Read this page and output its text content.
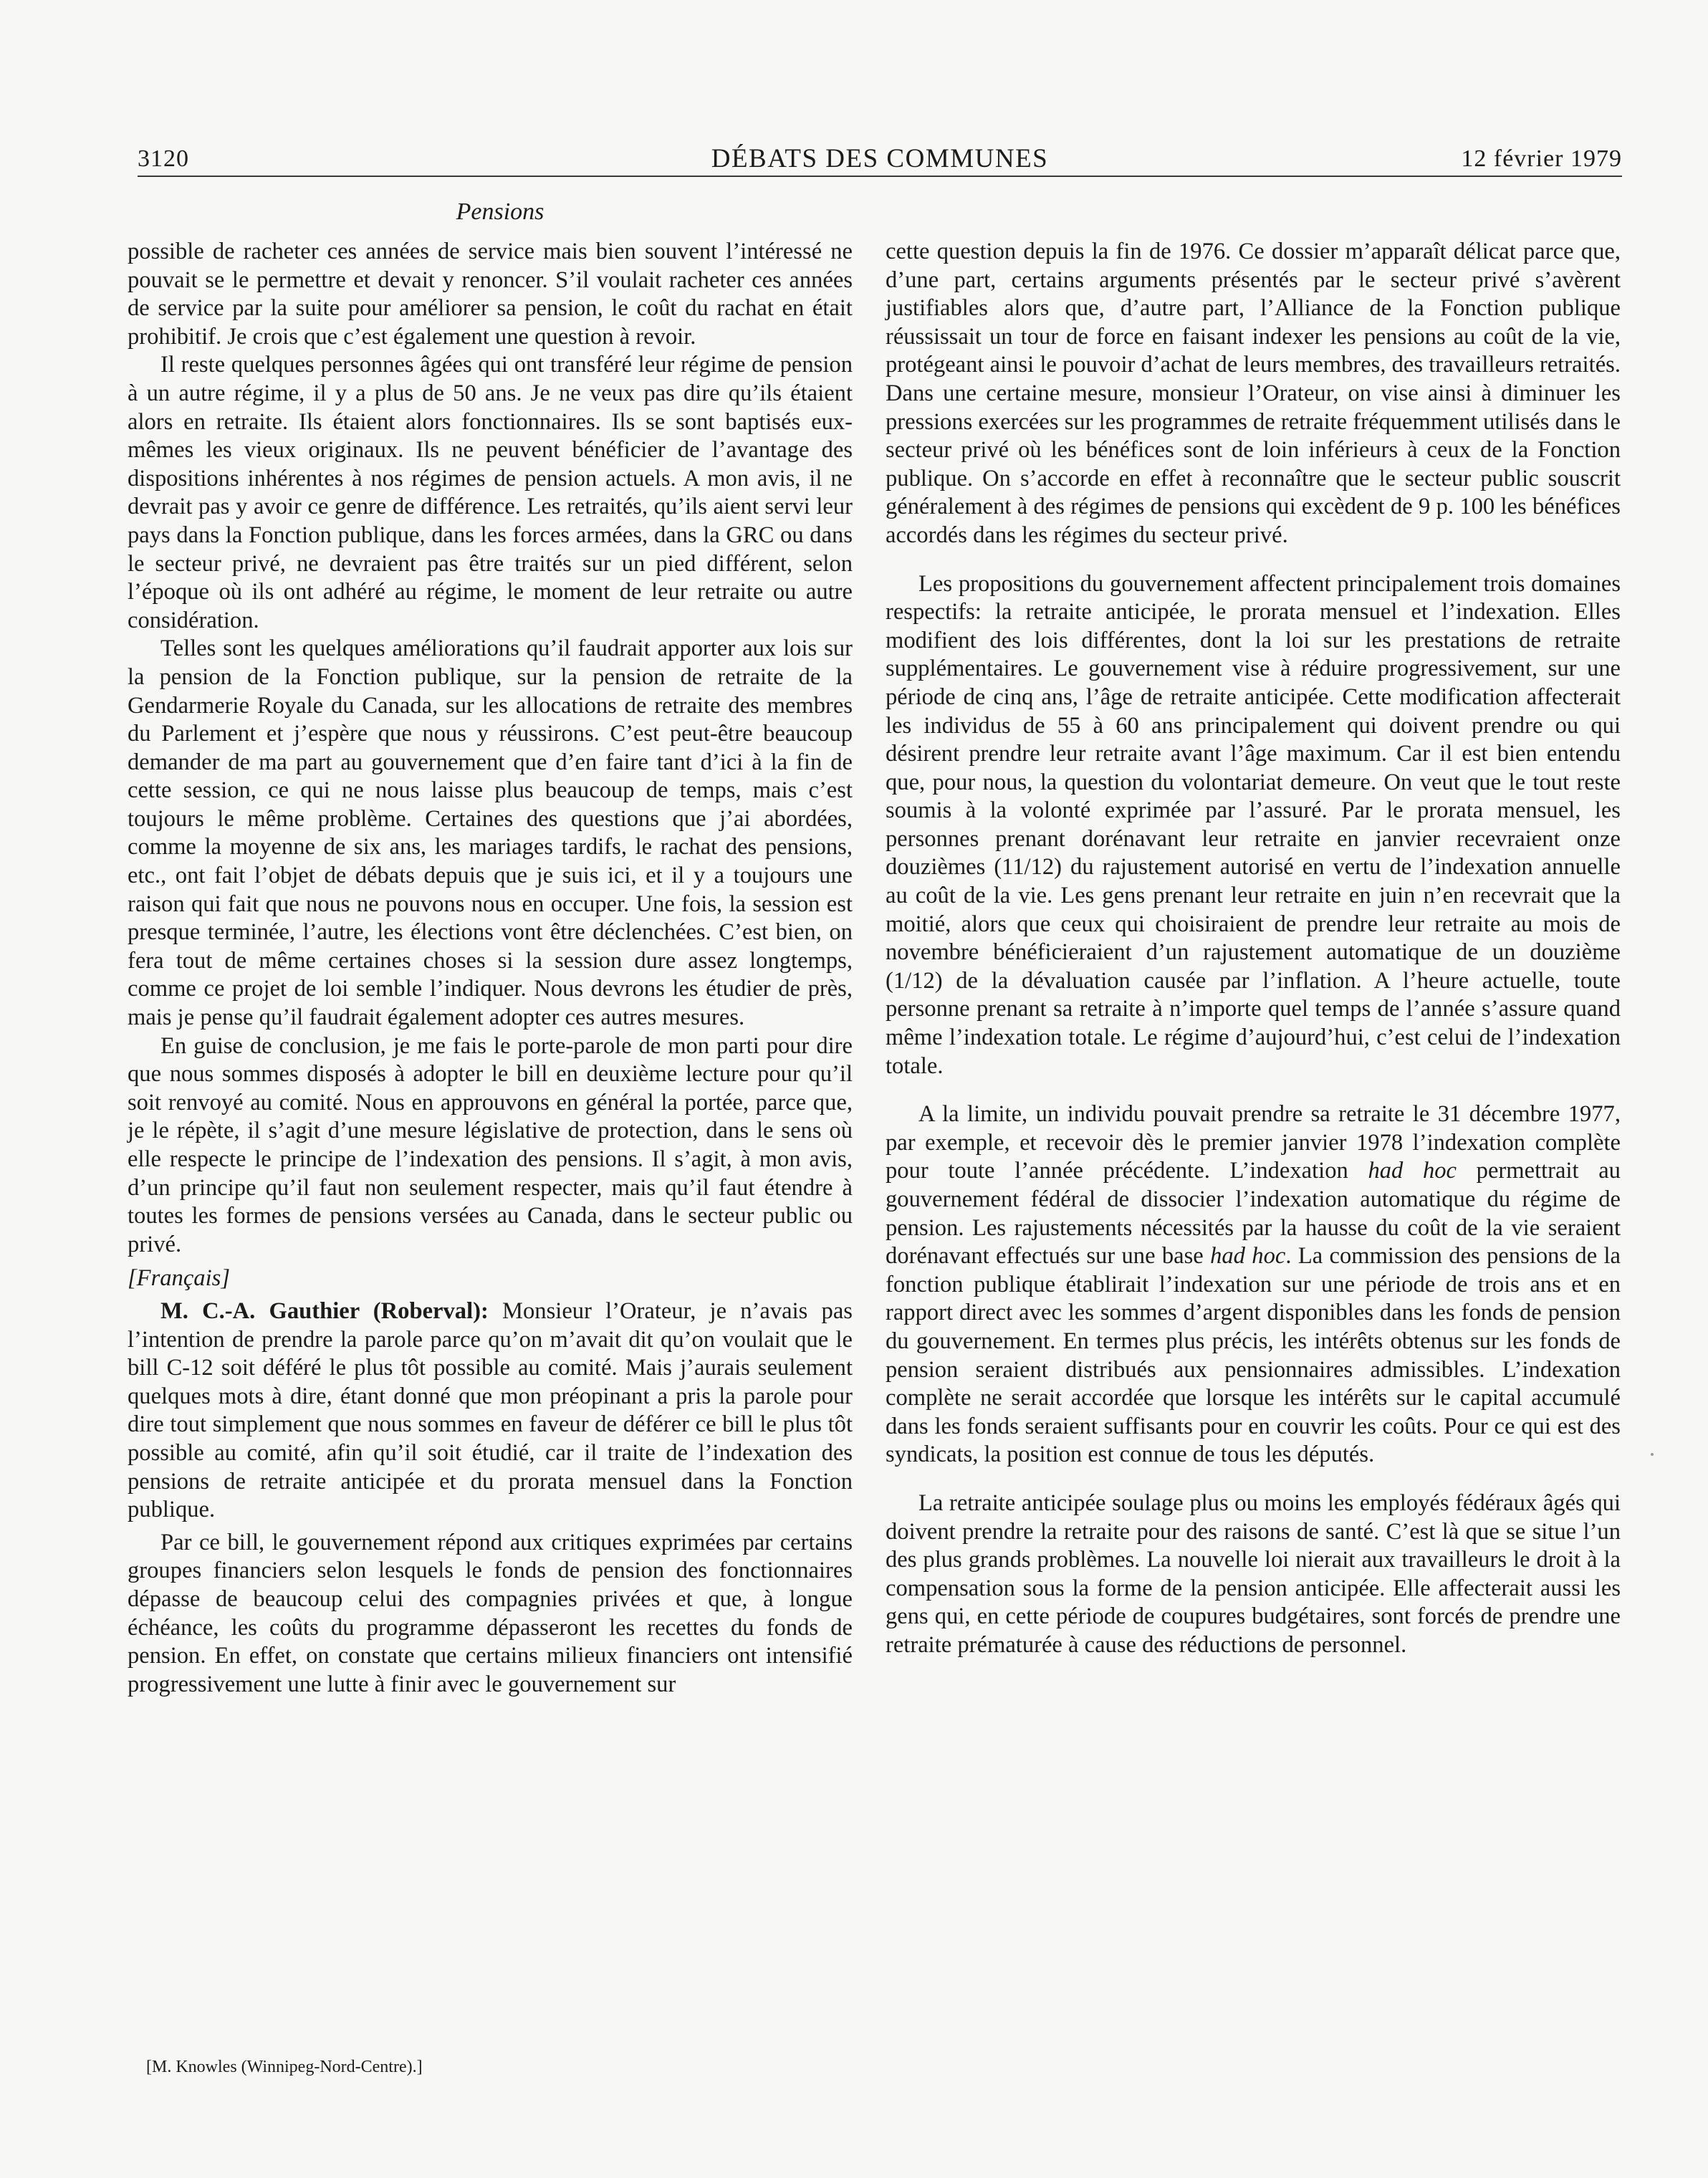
3120	DÉBATS DES COMMUNES	12 février 1979
Pensions

possible de racheter ces années de service mais bien souvent l’intéressé ne pouvait se le permettre et devait y renoncer. S’il voulait racheter ces années de service par la suite pour améliorer sa pension, le coût du rachat en était prohibitif. Je crois que c’est également une question à revoir.

Il reste quelques personnes âgées qui ont transféré leur régime de pension à un autre régime, il y a plus de 50 ans. Je ne veux pas dire qu’ils étaient alors en retraite. Ils étaient alors fonctionnaires. Ils se sont baptisés eux-mêmes les vieux originaux. Ils ne peuvent bénéficier de l’avantage des dispositions inhérentes à nos régimes de pension actuels. A mon avis, il ne devrait pas y avoir ce genre de différence. Les retraités, qu’ils aient servi leur pays dans la Fonction publique, dans les forces armées, dans la GRC ou dans le secteur privé, ne devraient pas être traités sur un pied différent, selon l’époque où ils ont adhéré au régime, le moment de leur retraite ou autre considération.

Telles sont les quelques améliorations qu’il faudrait apporter aux lois sur la pension de la Fonction publique, sur la pension de retraite de la Gendarmerie Royale du Canada, sur les allocations de retraite des membres du Parlement et j’espère que nous y réussirons. C’est peut-être beaucoup demander de ma part au gouvernement que d’en faire tant d’ici à la fin de cette session, ce qui ne nous laisse plus beaucoup de temps, mais c’est toujours le même problème. Certaines des questions que j’ai abordées, comme la moyenne de six ans, les mariages tardifs, le rachat des pensions, etc., ont fait l’objet de débats depuis que je suis ici, et il y a toujours une raison qui fait que nous ne pouvons nous en occuper. Une fois, la session est presque terminée, l’autre, les élections vont être déclenchées. C’est bien, on fera tout de même certaines choses si la session dure assez longtemps, comme ce projet de loi semble l’indiquer. Nous devrons les étudier de près, mais je pense qu’il faudrait également adopter ces autres mesures.

En guise de conclusion, je me fais le porte-parole de mon parti pour dire que nous sommes disposés à adopter le bill en deuxième lecture pour qu’il soit renvoyé au comité. Nous en approuvons en général la portée, parce que, je le répète, il s’agit d’une mesure législative de protection, dans le sens où elle respecte le principe de l’indexation des pensions. Il s’agit, à mon avis, d’un principe qu’il faut non seulement respecter, mais qu’il faut étendre à toutes les formes de pensions versées au Canada, dans le secteur public ou privé.

[Français]

M. C.-A. Gauthier (Roberval): Monsieur l’Orateur, je n’avais pas l’intention de prendre la parole parce qu’on m’avait dit qu’on voulait que le bill C-12 soit déféré le plus tôt possible au comité. Mais j’aurais seulement quelques mots à dire, étant donné que mon préopinant a pris la parole pour dire tout simplement que nous sommes en faveur de déférer ce bill le plus tôt possible au comité, afin qu’il soit étudié, car il traite de l’indexation des pensions de retraite anticipée et du prorata mensuel dans la Fonction publique.

Par ce bill, le gouvernement répond aux critiques exprimées par certains groupes financiers selon lesquels le fonds de pension des fonctionnaires dépasse de beaucoup celui des compagnies privées et que, à longue échéance, les coûts du programme dépasseront les recettes du fonds de pension. En effet, on constate que certains milieux financiers ont intensifié progressivement une lutte à finir avec le gouvernement sur

cette question depuis la fin de 1976. Ce dossier m’apparaît délicat parce que, d’une part, certains arguments présentés par le secteur privé s’avèrent justifiables alors que, d’autre part, l’Alliance de la Fonction publique réussissait un tour de force en faisant indexer les pensions au coût de la vie, protégeant ainsi le pouvoir d’achat de leurs membres, des travailleurs retraités. Dans une certaine mesure, monsieur l’Orateur, on vise ainsi à diminuer les pressions exercées sur les programmes de retraite fréquemment utilisés dans le secteur privé où les bénéfices sont de loin inférieurs à ceux de la Fonction publique. On s’accorde en effet à reconnaître que le secteur public souscrit généralement à des régimes de pensions qui excèdent de 9 p. 100 les bénéfices accordés dans les régimes du secteur privé.

Les propositions du gouvernement affectent principalement trois domaines respectifs: la retraite anticipée, le prorata mensuel et l’indexation. Elles modifient des lois différentes, dont la loi sur les prestations de retraite supplémentaires. Le gouvernement vise à réduire progressivement, sur une période de cinq ans, l’âge de retraite anticipée. Cette modification affecterait les individus de 55 à 60 ans principalement qui doivent prendre ou qui désirent prendre leur retraite avant l’âge maximum. Car il est bien entendu que, pour nous, la question du volontariat demeure. On veut que le tout reste soumis à la volonté exprimée par l’assuré. Par le prorata mensuel, les personnes prenant dorénavant leur retraite en janvier recevraient onze douzièmes (11/12) du rajustement autorisé en vertu de l’indexation annuelle au coût de la vie. Les gens prenant leur retraite en juin n’en recevrait que la moitié, alors que ceux qui choisiraient de prendre leur retraite au mois de novembre bénéficieraient d’un rajustement automatique de un douzième (1/12) de la dévaluation causée par l’inflation. A l’heure actuelle, toute personne prenant sa retraite à n’importe quel temps de l’année s’assure quand même l’indexation totale. Le régime d’aujourd’hui, c’est celui de l’indexation totale.

A la limite, un individu pouvait prendre sa retraite le 31 décembre 1977, par exemple, et recevoir dès le premier janvier 1978 l’indexation complète pour toute l’année précédente. L’indexation had hoc permettrait au gouvernement fédéral de dissocier l’indexation automatique du régime de pension. Les rajustements nécessités par la hausse du coût de la vie seraient dorénavant effectués sur une base had hoc. La commission des pensions de la fonction publique établirait l’indexation sur une période de trois ans et en rapport direct avec les sommes d’argent disponibles dans les fonds de pension du gouvernement. En termes plus précis, les intérêts obtenus sur les fonds de pension seraient distribués aux pensionnaires admissibles. L’indexation complète ne serait accordée que lorsque les intérêts sur le capital accumulé dans les fonds seraient suffisants pour en couvrir les coûts. Pour ce qui est des syndicats, la position est connue de tous les députés.

La retraite anticipée soulage plus ou moins les employés fédéraux âgés qui doivent prendre la retraite pour des raisons de santé. C’est là que se situe l’un des plus grands problèmes. La nouvelle loi nierait aux travailleurs le droit à la compensation sous la forme de la pension anticipée. Elle affecterait aussi les gens qui, en cette période de coupures budgétaires, sont forcés de prendre une retraite prématurée à cause des réductions de personnel.

[M. Knowles (Winnipeg-Nord-Centre).]
